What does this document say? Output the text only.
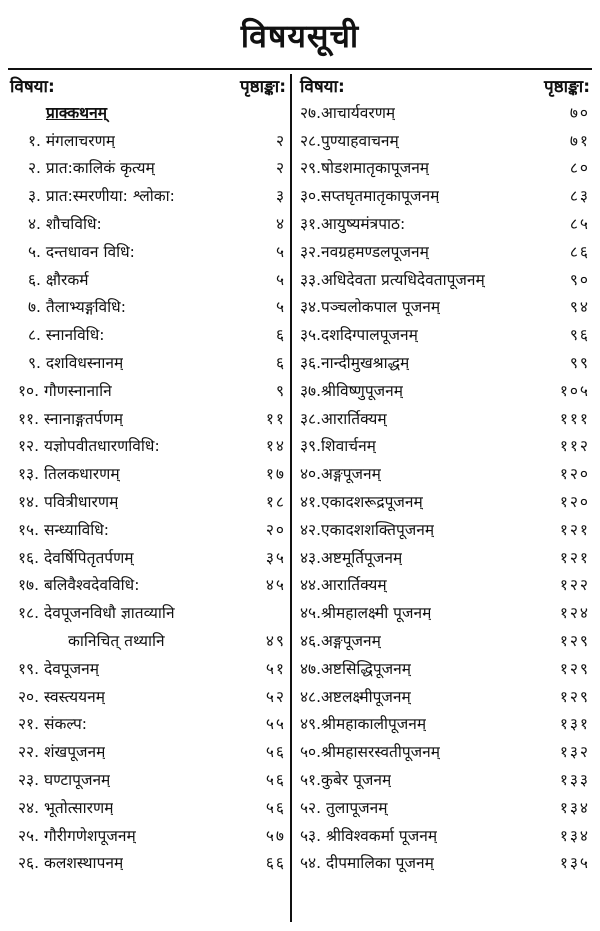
विषयसूची
विषया:	पृष्ठाङ्का:
प्राक्कथनम्
१. मंगलाचरणम्	२
२. प्रात:कालिकं कृत्यम्	२
३. प्रात:स्मरणीया: श्लोका:	३
४. शौचविधि:	४
५. दन्तधावन विधि:	५
६. क्षौरकर्म	५
७. तैलाभ्यङ्गविधि:	५
८. स्नानविधि:	६
९. दशविधस्नानम्	६
१०. गौणस्नानानि	९
११. स्नानाङ्गतर्पणम्	११
१२. यज्ञोपवीतधारणविधि:	१४
१३. तिलकधारणम्	१७
१४. पवित्रीधारणम्	१८
१५. सन्ध्याविधि:	२०
१६. देवर्षिपितृतर्पणम्	३५
१७. बलिवैश्वदेवविधि:	४५
१८. देवपूजनविधौ ज्ञातव्यानि
कानिचित् तथ्यानि	४९
१९. देवपूजनम्	५१
२०. स्वस्त्ययनम्	५२
२१. संकल्प:	५५
२२. शंखपूजनम्	५६
२३. घण्टापूजनम्	५६
२४. भूतोत्सारणम्	५६
२५. गौरीगणेशपूजनम्	५७
२६. कलशस्थापनम्	६६
विषया:	पृष्ठाङ्का:
२७.आचार्यवरणम्	७०
२८.पुण्याहवाचनम्	७१
२९.षोडशमातृकापूजनम्	८०
३०.सप्तघृतमातृकापूजनम्	८३
३१.आयुष्यमंत्रपाठ:	८५
३२.नवग्रहमण्डलपूजनम्	८६
३३.अधिदेवता प्रत्यधिदेवतापूजनम्	९०
३४.पञ्चलोकपाल पूजनम्	९४
३५.दशदिग्पालपूजनम्	९६
३६.नान्दीमुखश्राद्धम्	९९
३७.श्रीविष्णुपूजनम्	१०५
३८.आरार्तिक्यम्	१११
३९.शिवार्चनम्	११२
४०.अङ्गपूजनम्	१२०
४१.एकादशरूद्रपूजनम्	१२०
४२.एकादशशक्तिपूजनम्	१२१
४३.अष्टमूर्तिपूजनम्	१२१
४४.आरार्तिक्यम्	१२२
४५.श्रीमहालक्ष्मी पूजनम्	१२४
४६.अङ्गपूजनम्	१२९
४७.अष्टसिद्धिपूजनम्	१२९
४८.अष्टलक्ष्मीपूजनम्	१२९
४९.श्रीमहाकालीपूजनम्	१३१
५०.श्रीमहासरस्वतीपूजनम्	१३२
५१.कुबेर पूजनम्	१३३
५२. तुलापूजनम्	१३४
५३. श्रीविश्वकर्मा पूजनम्	१३४
५४. दीपमालिका पूजनम्	१३५
